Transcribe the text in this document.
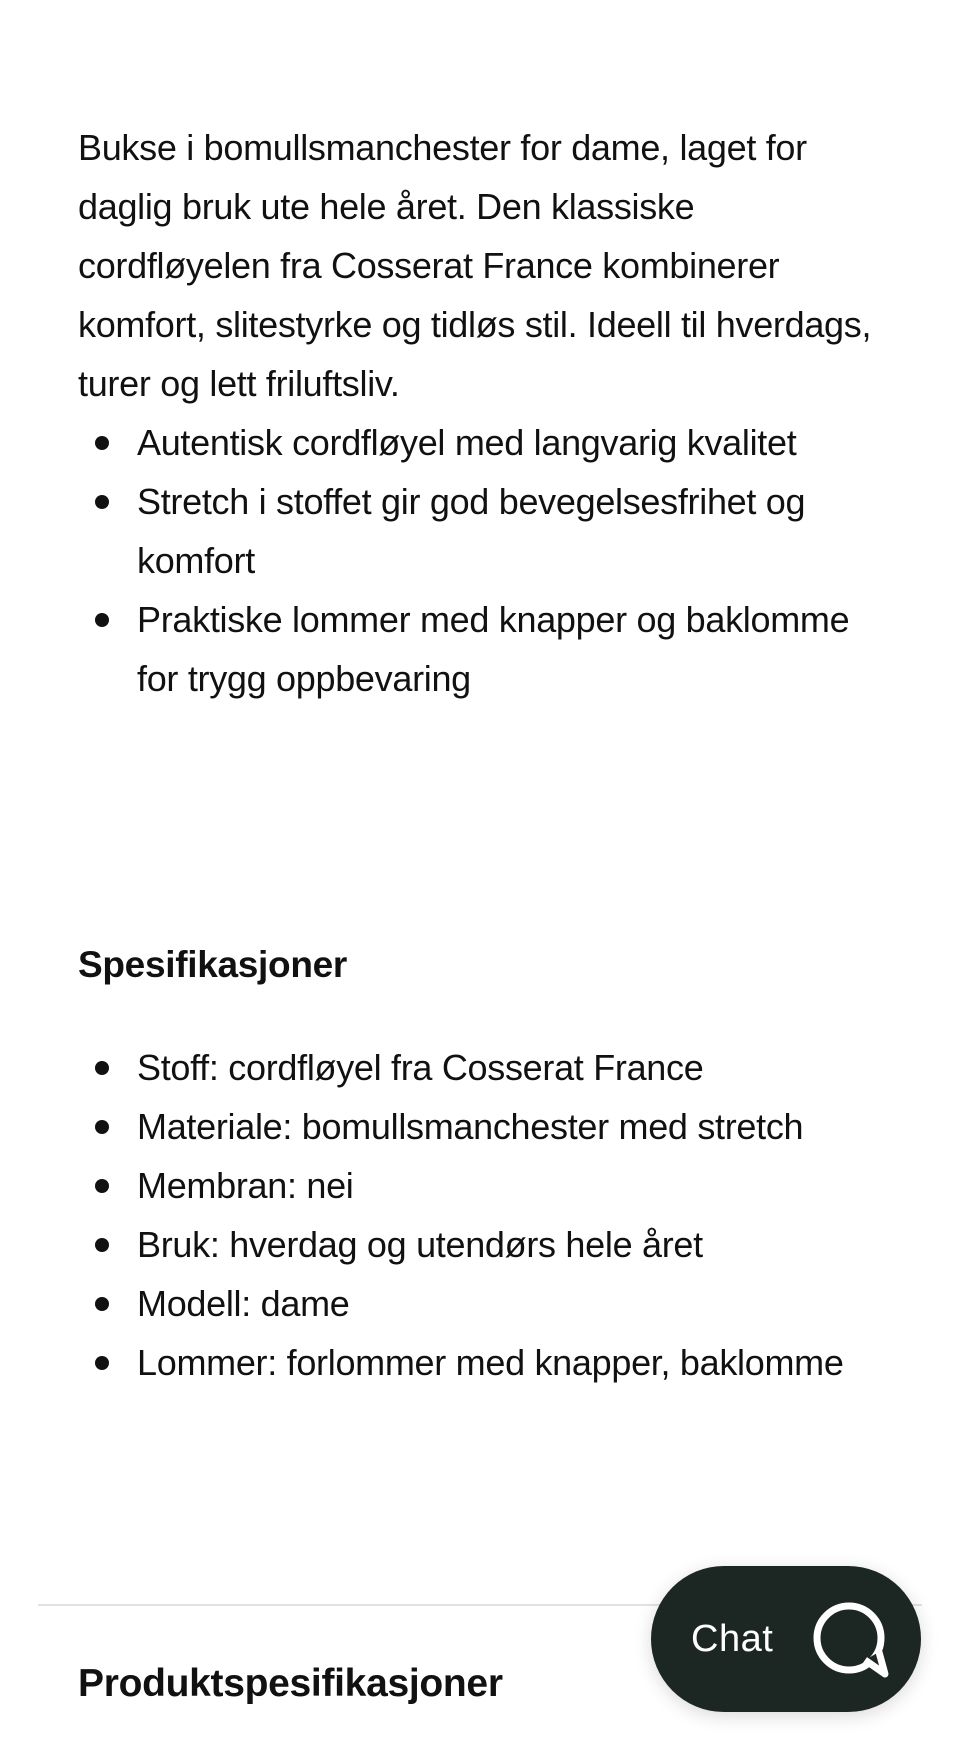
Bukse i bomullsmanchester for dame, laget for daglig bruk ute hele året. Den klassiske cordfløyelen fra Cosserat France kombinerer komfort, slitestyrke og tidløs stil. Ideell til hverdags, turer og lett friluftsliv.

Autentisk cordfløyel med langvarig kvalitet
Stretch i stoffet gir god bevegelsesfrihet og komfort
Praktiske lommer med knapper og baklomme for trygg oppbevaring
Spesifikasjoner
Stoff: cordfløyel fra Cosserat France
Materiale: bomullsmanchester med stretch
Membran: nei
Bruk: hverdag og utendørs hele året
Modell: dame
Lommer: forlommer med knapper, baklomme
Produktspesifikasjoner
Chat
